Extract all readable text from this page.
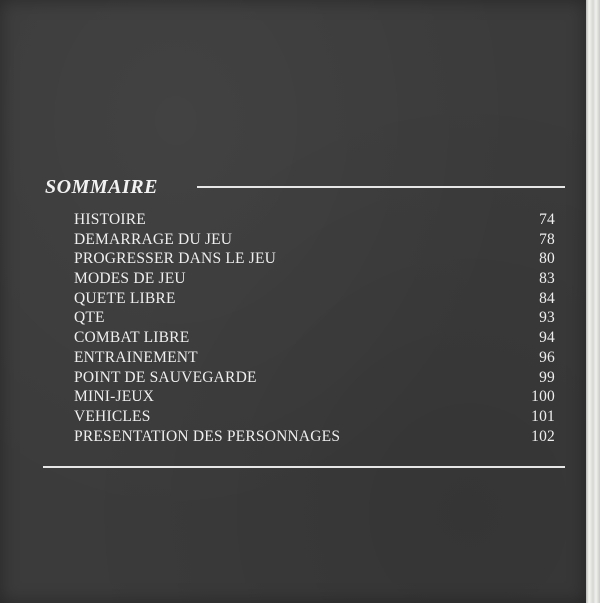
SOMMAIRE
HISTOIRE	74
DEMARRAGE DU JEU	78
PROGRESSER DANS LE JEU	80
MODES DE JEU	83
QUETE LIBRE	84
QTE	93
COMBAT LIBRE	94
ENTRAINEMENT	96
POINT DE SAUVEGARDE	99
MINI-JEUX	100
VEHICLES	101
PRESENTATION DES PERSONNAGES	102
